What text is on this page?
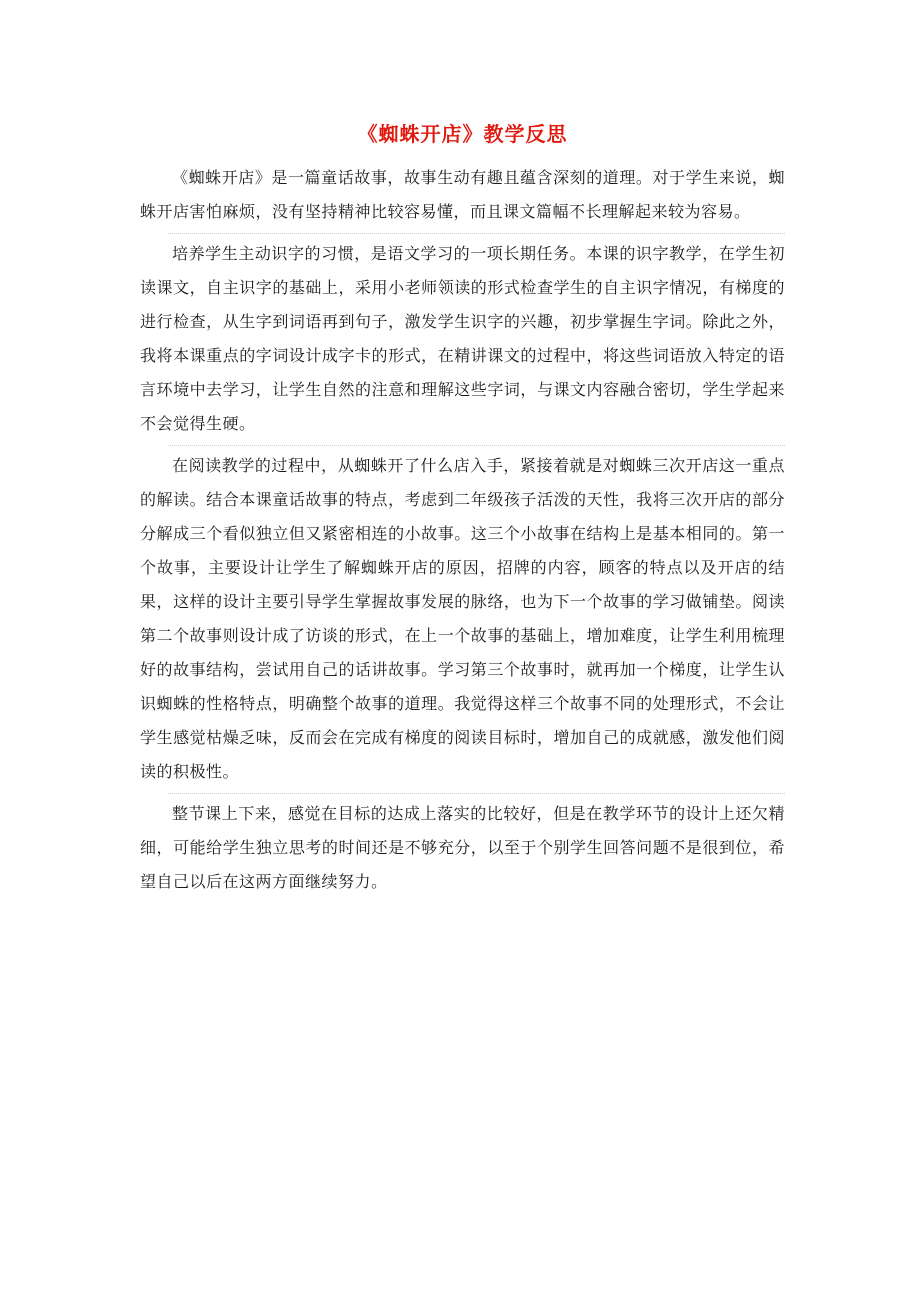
《蜘蛛开店》教学反思

《蜘蛛开店》是一篇童话故事，故事生动有趣且蕴含深刻的道理。对于学生来说，蜘蛛开店害怕麻烦，没有坚持精神比较容易懂，而且课文篇幅不长理解起来较为容易。

培养学生主动识字的习惯，是语文学习的一项长期任务。本课的识字教学，在学生初读课文，自主识字的基础上，采用小老师领读的形式检查学生的自主识字情况，有梯度的进行检查，从生字到词语再到句子，激发学生识字的兴趣，初步掌握生字词。除此之外，我将本课重点的字词设计成字卡的形式，在精讲课文的过程中，将这些词语放入特定的语言环境中去学习，让学生自然的注意和理解这些字词，与课文内容融合密切，学生学起来不会觉得生硬。

在阅读教学的过程中，从蜘蛛开了什么店入手，紧接着就是对蜘蛛三次开店这一重点的解读。结合本课童话故事的特点，考虑到二年级孩子活泼的天性，我将三次开店的部分分解成三个看似独立但又紧密相连的小故事。这三个小故事在结构上是基本相同的。第一个故事，主要设计让学生了解蜘蛛开店的原因，招牌的内容，顾客的特点以及开店的结果，这样的设计主要引导学生掌握故事发展的脉络，也为下一个故事的学习做铺垫。阅读第二个故事则设计成了访谈的形式，在上一个故事的基础上，增加难度，让学生利用梳理好的故事结构，尝试用自己的话讲故事。学习第三个故事时，就再加一个梯度，让学生认识蜘蛛的性格特点，明确整个故事的道理。我觉得这样三个故事不同的处理形式，不会让学生感觉枯燥乏味，反而会在完成有梯度的阅读目标时，增加自己的成就感，激发他们阅读的积极性。

整节课上下来，感觉在目标的达成上落实的比较好，但是在教学环节的设计上还欠精细，可能给学生独立思考的时间还是不够充分，以至于个别学生回答问题不是很到位，希望自己以后在这两方面继续努力。
